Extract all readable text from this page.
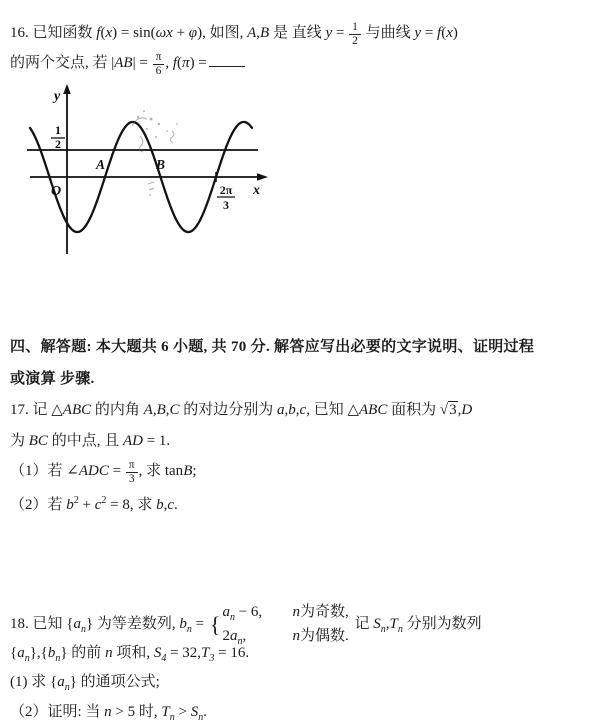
16. 已知函数 f(x) = sin(ωx + φ), 如图, A,B 是 直线 $y = \frac{1}{2}$ 与曲线 y = f(x)

的两个交点, 若 $|AB| = \frac{\pi}{6}$ , f(π) =

y
x
O
A	B
1
2
2π
3

四、解答题: 本大题共 6 小题, 共 70 分. 解答应写出必要的文字说明、证明过程

或演算 步骤.

17. 记 △ABC 的内角 A,B,C 的对边分别为 a,b,c, 已知 △ABC 面积为 √3,D

为 BC 的中点, 且 AD = 1.

（1）若 ∠ADC = $\frac{\pi}{3}$ , 求 tanB;

（2）若 $b^2 + c^2 = 8$, 求 b,c.

18. 已知 $\{a_n\}$ 为等差数列, $b_n$ = { $a_n - 6$,	n为奇数,
$2a_n$,	n为偶数.
记 $S_n,T_n$ 分别为数列

$\{a_n\},\{b_n\}$ 的前 n 项和, $S_4 = 32,T_3 = 16$.

(1) 求 $\{a_n\}$ 的通项公式;

（2）证明: 当 n > 5 时, $T_n > S_n$.
